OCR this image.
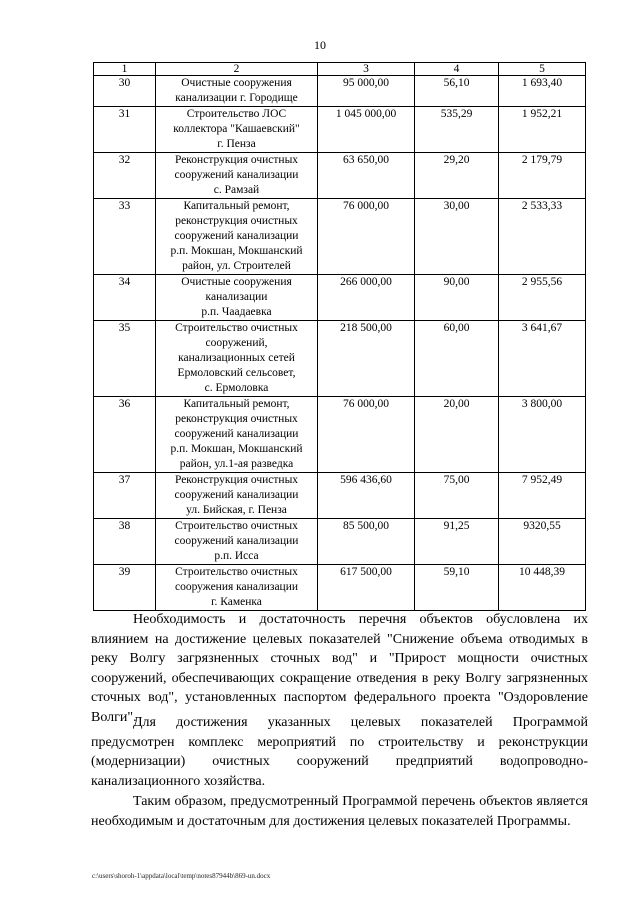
10
1	2	3	4	5
30	Очистные сооружения
канализации г. Городище	95 000,00	56,10	1 693,40
31	Строительство ЛОС
коллектора "Кашаевский"
г. Пенза	1 045 000,00	535,29	1 952,21
32	Реконструкция очистных
сооружений канализации
с. Рамзай	63 650,00	29,20	2 179,79
33	Капитальный ремонт,
реконструкция очистных
сооружений канализации
р.п. Мокшан, Мокшанский
район, ул. Строителей	76 000,00	30,00	2 533,33
34	Очистные сооружения
канализации
р.п. Чаадаевка	266 000,00	90,00	2 955,56
35	Строительство очистных
сооружений,
канализационных сетей
Ермоловский сельсовет,
с. Ермоловка	218 500,00	60,00	3 641,67
36	Капитальный ремонт,
реконструкция очистных
сооружений канализации
р.п. Мокшан, Мокшанский
район, ул.1-ая разведка	76 000,00	20,00	3 800,00
37	Реконструкция очистных
сооружений канализации
ул. Бийская, г. Пенза	596 436,60	75,00	7 952,49
38	Строительство очистных
сооружений канализации
р.п. Исса	85 500,00	91,25	9320,55
39	Строительство очистных
сооружения канализации
г. Каменка	617 500,00	59,10	10 448,39

Необходимость и достаточность перечня объектов обусловлена их влиянием на достижение целевых показателей "Снижение объема отводимых в реку Волгу загрязненных сточных вод" и "Прирост мощности очистных сооружений, обеспечивающих сокращение отведения в реку Волгу загрязненных сточных вод", установленных паспортом федерального проекта "Оздоровление Волги".

Для достижения указанных целевых показателей Программой предусмотрен комплекс мероприятий по строительству и реконструкции (модернизации) очистных сооружений предприятий водопроводно-канализационного хозяйства.

Таким образом, предусмотренный Программой перечень объектов является необходимым и достаточным для достижения целевых показателей Программы.

c:\users\shoroh-1\appdata\local\temp\notes87944b\869-un.docx
